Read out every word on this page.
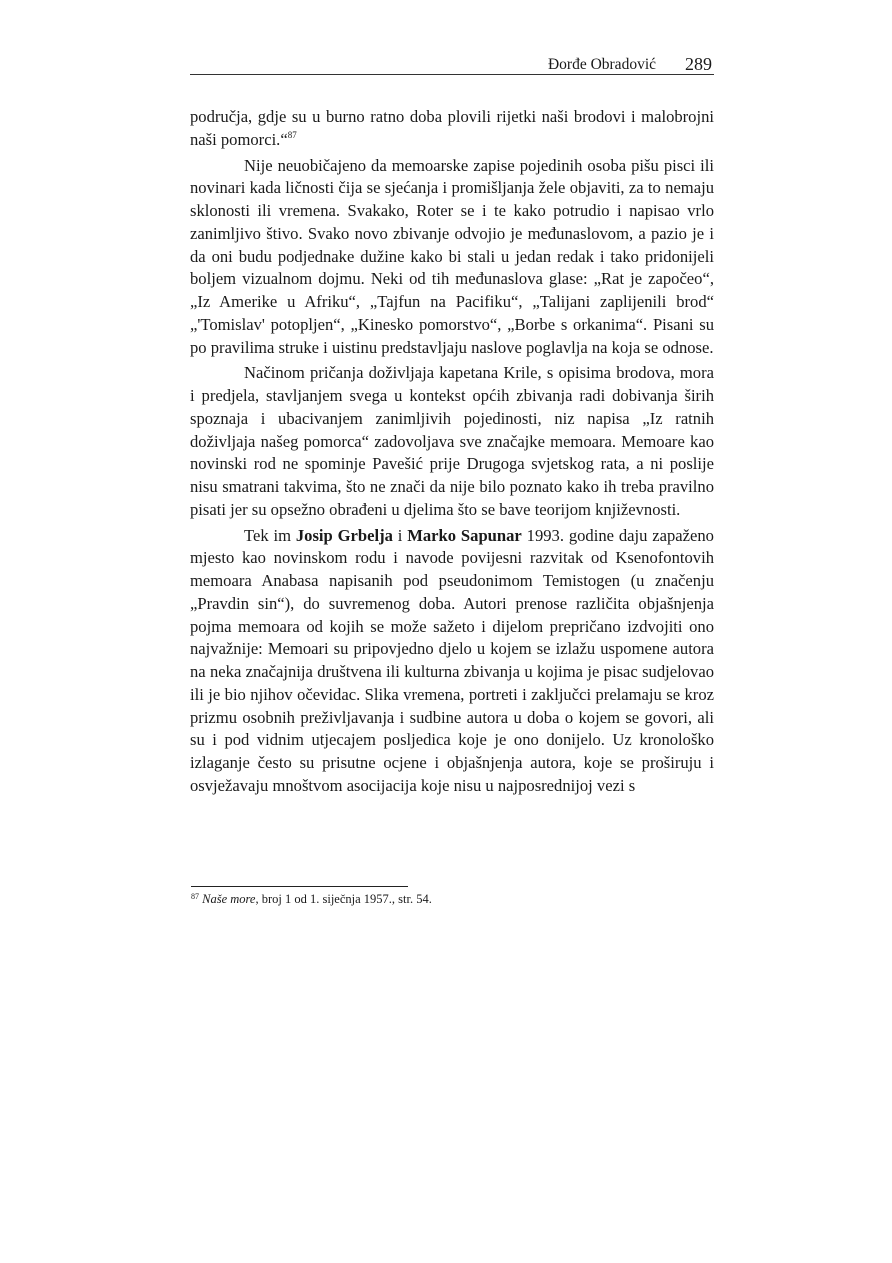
Đorđe Obradović 289

područja, gdje su u burno ratno doba plovili rijetki naši brodovi i malobrojni naši pomorci.“$^{87}$

Nije neuobičajeno da memoarske zapise pojedinih osoba pišu pisci ili novinari kada ličnosti čija se sjećanja i promišljanja žele objaviti, za to nemaju sklonosti ili vremena. Svakako, Roter se i te kako potrudio i napisao vrlo zanimljivo štivo. Svako novo zbivanje odvojio je međunaslovom, a pazio je i da oni budu podjednake dužine kako bi stali u jedan redak i tako pridonijeli boljem vizualnom dojmu. Neki od tih međunaslova glase: „Rat je započeo“, „Iz Amerike u Afriku“, „Tajfun na Pacifiku“, „Talijani zaplijenili brod“ „'Tomislav' potopljen“, „Kinesko pomorstvo“, „Borbe s orkanima“. Pisani su po pravilima struke i uistinu predstavljaju naslove poglavlja na koja se odnose.

Načinom pričanja doživljaja kapetana Krile, s opisima brodova, mora i predjela, stavljanjem svega u kontekst općih zbivanja radi dobivanja širih spoznaja i ubacivanjem zanimljivih pojedinosti, niz napisa „Iz ratnih doživljaja našeg pomorca“ zadovoljava sve značajke memoara. Memoare kao novinski rod ne spominje Pavešić prije Drugoga svjetskog rata, a ni poslije nisu smatrani takvima, što ne znači da nije bilo poznato kako ih treba pravilno pisati jer su opsežno obrađeni u djelima što se bave teorijom književnosti.

Tek im Josip Grbelja i Marko Sapunar 1993. godine daju zapaženo mjesto kao novinskom rodu i navode povijesni razvitak od Ksenofontovih memoara Anabasa napisanih pod pseudonimom Temistogen (u značenju „Pravdin sin“), do suvremenog doba. Autori prenose različita objašnjenja pojma memoara od kojih se može sažeto i dijelom prepričano izdvojiti ono najvažnije: Memoari su pripovjedno djelo u kojem se izlažu uspomene autora na neka značajnija društvena ili kulturna zbivanja u kojima je pisac sudjelovao ili je bio njihov očevidac. Slika vremena, portreti i zaključci prelamaju se kroz prizmu osobnih preživljavanja i sudbine autora u doba o kojem se govori, ali su i pod vidnim utjecajem posljedica koje je ono donijelo. Uz kronološko izlaganje često su prisutne ocjene i objašnjenja autora, koje se proširuju i osvježavaju mnoštvom asocijacija koje nisu u najposrednijoj vezi s

$^{87}$ Naše more, broj 1 od 1. siječnja 1957., str. 54.
